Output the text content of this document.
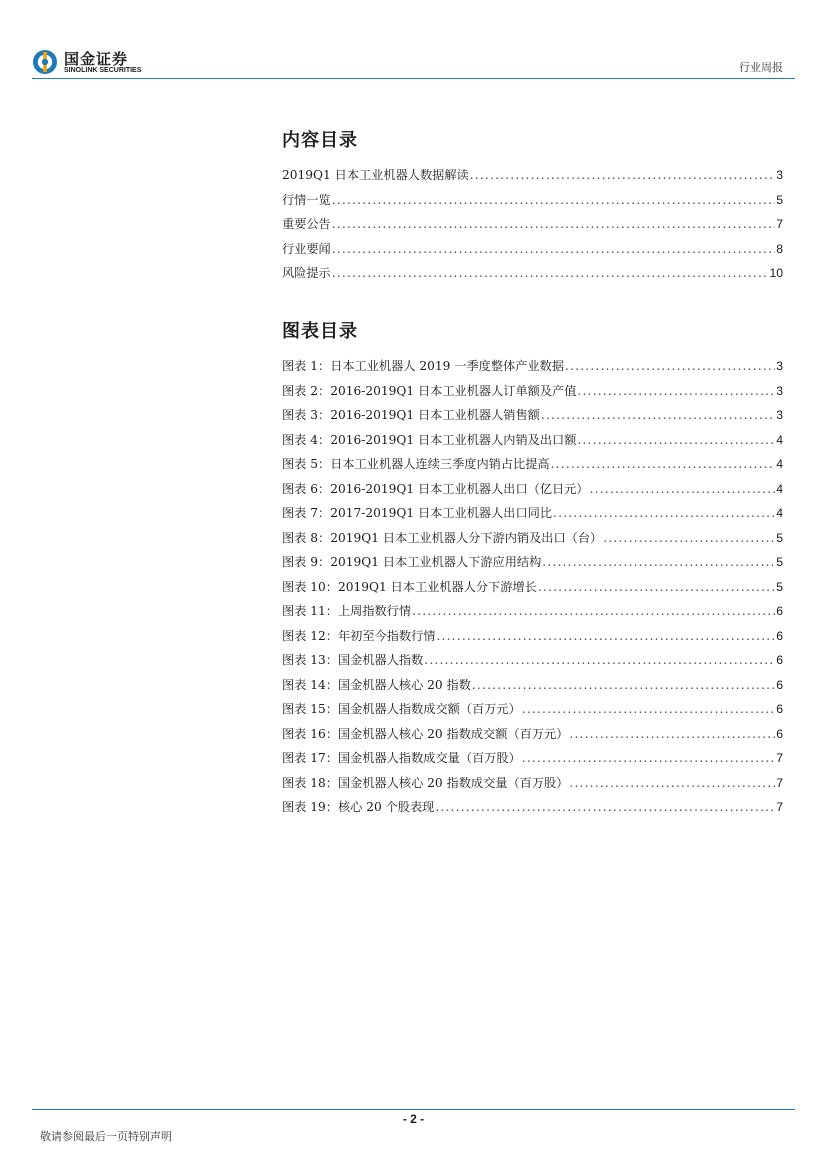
国金证券
SINOLINK SECURITIES	行业周报
内容目录
2019Q1 日本工业机器人数据解读 .....	3
行情一览 .....	5
重要公告 .....	7
行业要闻 .....	8
风险提示 .....	10
图表目录
图表 1：日本工业机器人 2019 一季度整体产业数据 .....	3
图表 2：2016-2019Q1 日本工业机器人订单额及产值 .....	3
图表 3：2016-2019Q1 日本工业机器人销售额 .....	3
图表 4：2016-2019Q1 日本工业机器人内销及出口额 .....	4
图表 5：日本工业机器人连续三季度内销占比提高 .....	4
图表 6：2016-2019Q1 日本工业机器人出口（亿日元） .....	4
图表 7：2017-2019Q1 日本工业机器人出口同比 .....	4
图表 8：2019Q1 日本工业机器人分下游内销及出口（台） .....	5
图表 9：2019Q1 日本工业机器人下游应用结构 .....	5
图表 10：2019Q1 日本工业机器人分下游增长 .....	5
图表 11：上周指数行情 .....	6
图表 12：年初至今指数行情 .....	6
图表 13：国金机器人指数 .....	6
图表 14：国金机器人核心 20 指数 .....	6
图表 15：国金机器人指数成交额（百万元） .....	6
图表 16：国金机器人核心 20 指数成交额（百万元） .....	6
图表 17：国金机器人指数成交量（百万股） .....	7
图表 18：国金机器人核心 20 指数成交量（百万股） .....	7
图表 19：核心 20 个股表现 .....	7
- 2 -
敬请参阅最后一页特别声明
